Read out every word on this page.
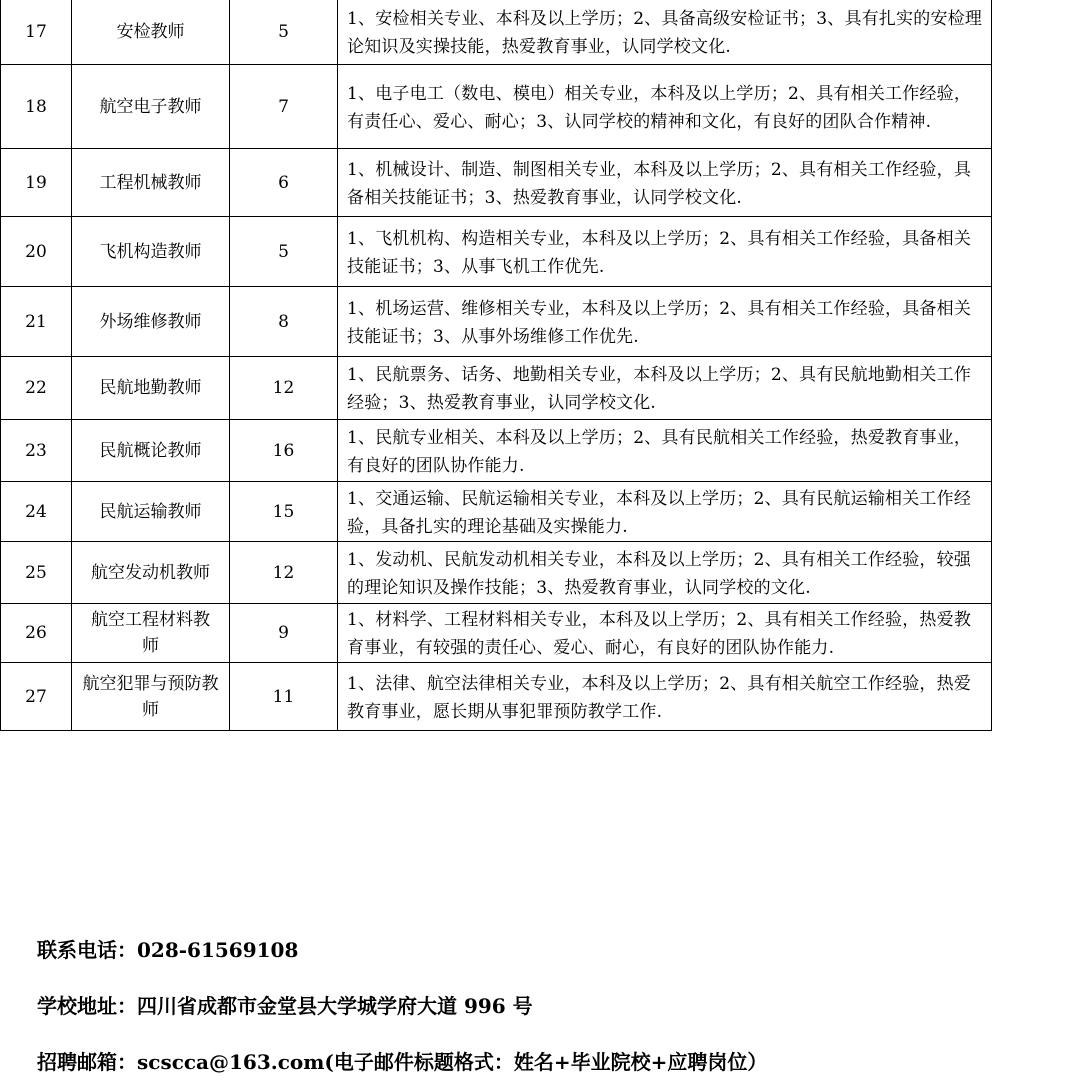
17	安检教师	5	1、安检相关专业、本科及以上学历；2、具备高级安检证书；3、具有扎实的安检理论知识及实操技能，热爱教育事业，认同学校文化.
18	航空电子教师	7	1、电子电工（数电、模电）相关专业，本科及以上学历；2、具有相关工作经验，有责任心、爱心、耐心；3、认同学校的精神和文化，有良好的团队合作精神.
19	工程机械教师	6	1、机械设计、制造、制图相关专业，本科及以上学历；2、具有相关工作经验，具备相关技能证书；3、热爱教育事业，认同学校文化.
20	飞机构造教师	5	1、飞机机构、构造相关专业，本科及以上学历；2、具有相关工作经验，具备相关技能证书；3、从事飞机工作优先.
21	外场维修教师	8	1、机场运营、维修相关专业，本科及以上学历；2、具有相关工作经验，具备相关技能证书；3、从事外场维修工作优先.
22	民航地勤教师	12	1、民航票务、话务、地勤相关专业，本科及以上学历；2、具有民航地勤相关工作经验；3、热爱教育事业，认同学校文化.
23	民航概论教师	16	1、民航专业相关、本科及以上学历；2、具有民航相关工作经验，热爱教育事业，有良好的团队协作能力.
24	民航运输教师	15	1、交通运输、民航运输相关专业，本科及以上学历；2、具有民航运输相关工作经验，具备扎实的理论基础及实操能力.
25	航空发动机教师	12	1、发动机、民航发动机相关专业，本科及以上学历；2、具有相关工作经验，较强的理论知识及操作技能；3、热爱教育事业，认同学校的文化.
26	航空工程材料教师	9	1、材料学、工程材料相关专业，本科及以上学历；2、具有相关工作经验，热爱教育事业，有较强的责任心、爱心、耐心，有良好的团队协作能力.
27	航空犯罪与预防教师	11	1、法律、航空法律相关专业，本科及以上学历；2、具有相关航空工作经验，热爱教育事业，愿长期从事犯罪预防教学工作.
联系电话：028-61569108
学校地址：四川省成都市金堂县大学城学府大道 996 号
招聘邮箱：scscca@163.com(电子邮件标题格式：姓名+毕业院校+应聘岗位）
